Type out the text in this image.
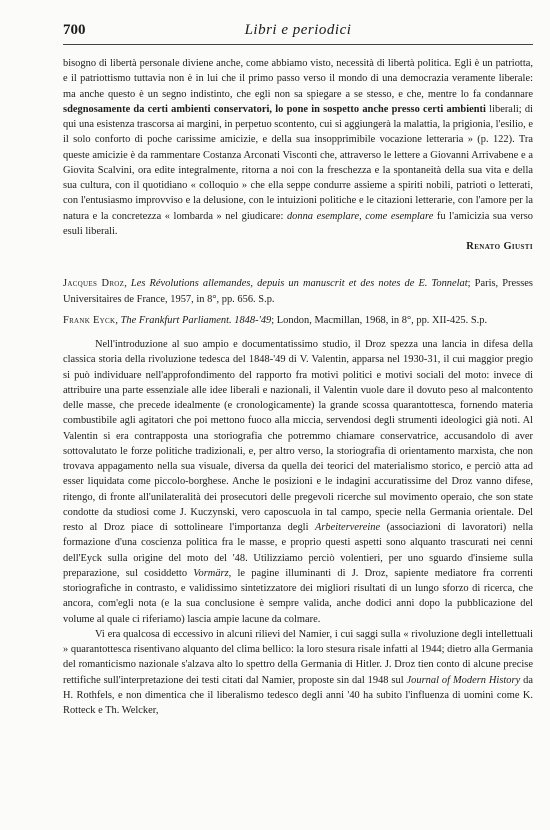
700	Libri e periodici

bisogno di libertà personale diviene anche, come abbiamo visto, necessità di libertà politica. Egli è un patriotta, e il patriottismo tuttavia non è in lui che il primo passo verso il mondo di una democrazia veramente liberale: ma anche questo è un segno indistinto, che egli non sa spiegare a se stesso, e che, mentre lo fa condannare sdegnosamente da certi ambienti conservatori, lo pone in sospetto anche presso certi ambienti liberali; di qui una esistenza trascorsa ai margini, in perpetuo scontento, cui si aggiungerà la malattia, la prigionia, l'esilio, e il solo conforto di poche carissime amicizie, e della sua insopprimibile vocazione letteraria » (p. 122). Tra queste amicizie è da rammentare Costanza Arconati Visconti che, attraverso le lettere a Giovanni Arrivabene e a Giovita Scalvini, ora edite integralmente, ritorna a noi con la freschezza e la spontaneità della sua vita e della sua cultura, con il quotidiano « colloquio » che ella seppe condurre assieme a spiriti nobili, patrioti o letterati, con l'entusiasmo improvviso e la delusione, con le intuizioni politiche e le citazioni letterarie, con l'amore per la natura e la concretezza « lombarda » nel giudicare: donna esemplare, come esemplare fu l'amicizia sua verso esuli liberali.

Renato Giusti

Jacques Droz, Les Révolutions allemandes, depuis un manuscrit et des notes de E. Tonnelat; Paris, Presses Universitaires de France, 1957, in 8°, pp. 656. S.p.

Frank Eyck, The Frankfurt Parliament. 1848-'49; London, Macmillan, 1968, in 8°, pp. XII-425. S.p.

Nell'introduzione al suo ampio e documentatissimo studio, il Droz spezza una lancia in difesa della classica storia della rivoluzione tedesca del 1848-'49 di V. Valentin, apparsa nel 1930-31, il cui maggior pregio si può individuare nell'approfondimento del rapporto fra motivi politici e motivi sociali del moto: invece di attribuire una parte essenziale alle idee liberali e nazionali, il Valentin vuole dare il dovuto peso al malcontento delle masse, che precede idealmente (e cronologicamente) la grande scossa quarantottesca, fornendo materia combustibile agli agitatori che poi mettono fuoco alla miccia, servendosi degli strumenti ideologici già noti. Al Valentin si era contrapposta una storiografia che potremmo chiamare conservatrice, accusandolo di aver sottovalutato le forze politiche tradizionali, e, per altro verso, la storiografia di orientamento marxista, che non trovava appagamento nella sua visuale, diversa da quella dei teorici del materialismo storico, e perciò atta ad esser liquidata come piccolo-borghese. Anche le posizioni e le indagini accuratissime del Droz vanno difese, ritengo, di fronte all'unilateralità dei prosecutori delle pregevoli ricerche sul movimento operaio, che son state condotte da studiosi come J. Kuczynski, vero caposcuola in tal campo, specie nella Germania orientale. Del resto al Droz piace di sottolineare l'importanza degli Arbeitervereine (associazioni di lavoratori) nella formazione d'una coscienza politica fra le masse, e proprio questi aspetti sono alquanto trascurati nei cenni dell'Eyck sulla origine del moto del '48. Utilizziamo perciò volentieri, per uno sguardo d'insieme sulla preparazione, sul cosiddetto Vormärz, le pagine illuminanti di J. Droz, sapiente mediatore fra correnti storiografiche in contrasto, e validissimo sintetizzatore dei migliori risultati di un lungo sforzo di ricerca, che ancora, com'egli nota (e la sua conclusione è sempre valida, anche dodici anni dopo la pubblicazione del volume al quale ci riferiamo) lascia ampie lacune da colmare.

Vi era qualcosa di eccessivo in alcuni rilievi del Namier, i cui saggi sulla « rivoluzione degli intellettuali » quarantottesca risentivano alquanto del clima bellico: la loro stesura risale infatti al 1944; dietro alla Germania del romanticismo nazionale s'alzava alto lo spettro della Germania di Hitler. J. Droz tien conto di alcune precise rettifiche sull'interpretazione dei testi citati dal Namier, proposte sin dal 1948 sul Journal of Modern History da H. Rothfels, e non dimentica che il liberalismo tedesco degli anni '40 ha subito l'influenza di uomini come K. Rotteck e Th. Welcker,
